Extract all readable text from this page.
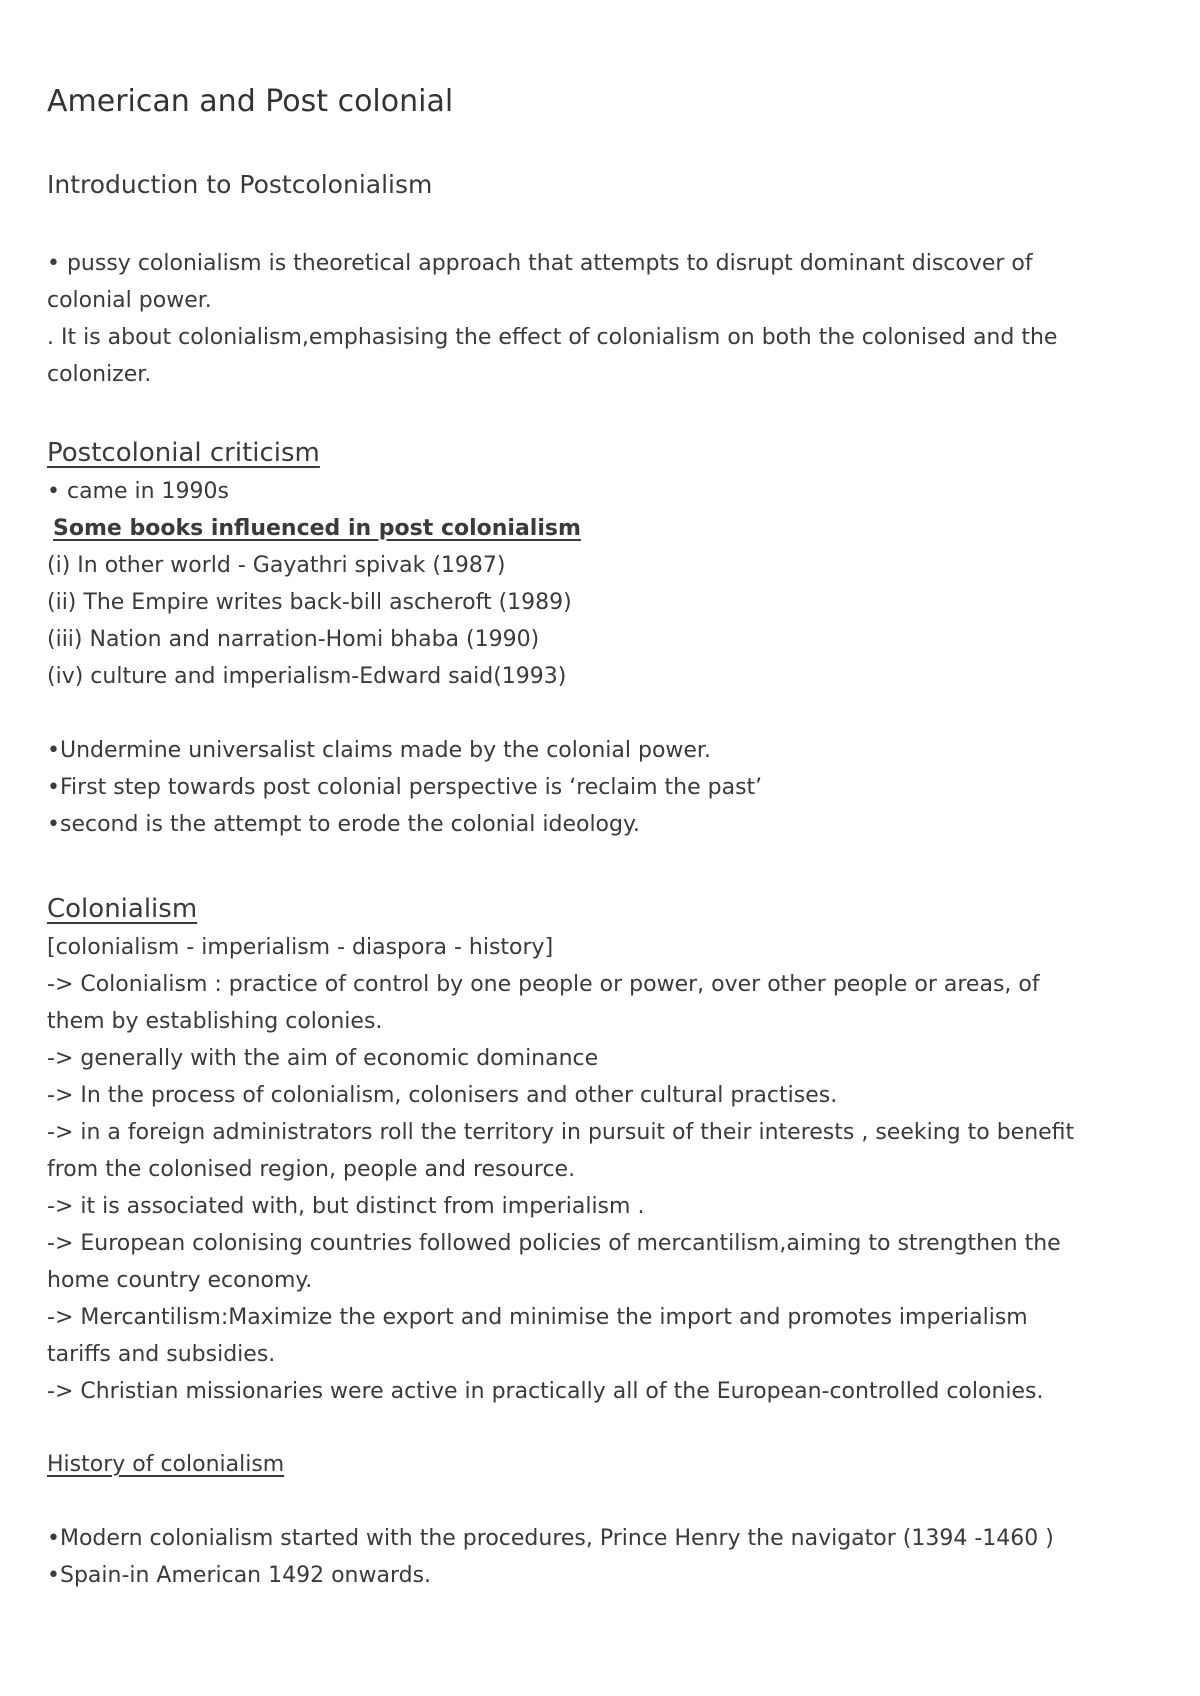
American and Post colonial
Introduction to Postcolonialism
• pussy colonialism is theoretical approach that attempts to disrupt dominant discover of
colonial power.
. It is about colonialism,emphasising the effect of colonialism on both the colonised and the
colonizer.
Postcolonial criticism
• came in 1990s
Some books influenced in post colonialism
(i) In other world - Gayathri spivak (1987)
(ii) The Empire writes back-bill ascheroft (1989)
(iii) Nation and narration-Homi bhaba (1990)
(iv) culture and imperialism-Edward said(1993)
•Undermine universalist claims made by the colonial power.
•First step towards post colonial perspective is ‘reclaim the past’
•second is the attempt to erode the colonial ideology.
Colonialism
[colonialism - imperialism - diaspora - history]
-> Colonialism : practice of control by one people or power, over other people or areas, of
them by establishing colonies.
-> generally with the aim of economic dominance
-> In the process of colonialism, colonisers and other cultural practises.
-> in a foreign administrators roll the territory in pursuit of their interests , seeking to benefit
from the colonised region, people and resource.
-> it is associated with, but distinct from imperialism .
-> European colonising countries followed policies of mercantilism,aiming to strengthen the
home country economy.
-> Mercantilism:Maximize the export and minimise the import and promotes imperialism
tariffs and subsidies.
-> Christian missionaries were active in practically all of the European-controlled colonies.
History of colonialism
•Modern colonialism started with the procedures, Prince Henry the navigator (1394 -1460 )
•Spain-in American 1492 onwards.
